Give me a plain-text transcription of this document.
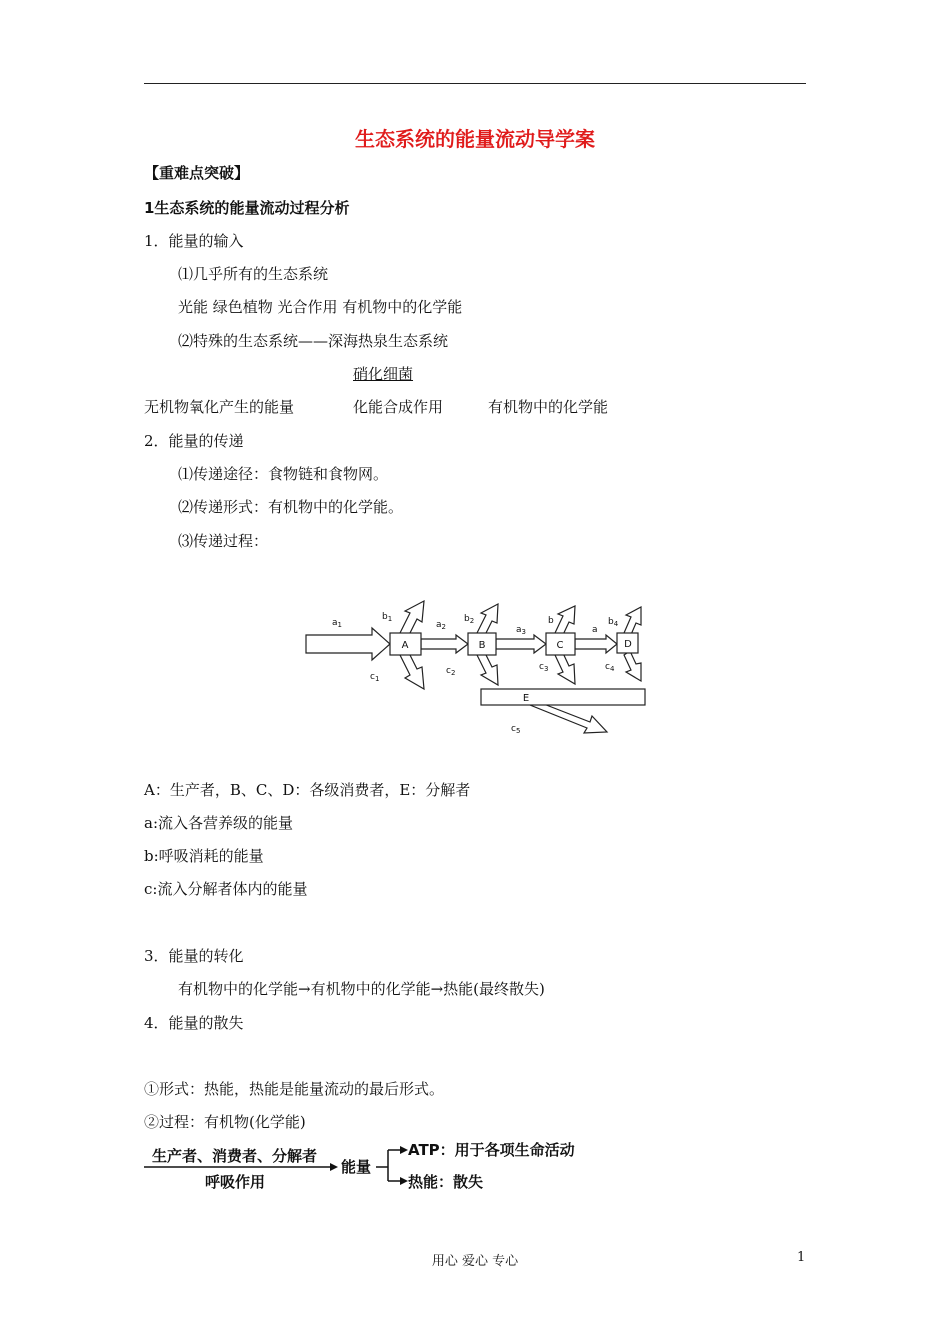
生态系统的能量流动导学案
【重难点突破】
1生态系统的能量流动过程分析
1．能量的输入
⑴几乎所有的生态系统
光能 绿色植物 光合作用 有机物中的化学能
⑵特殊的生态系统——深海热泉生态系统
硝化细菌
无机物氧化产生的能量	化能合成作用	有机物中的化学能
2．能量的传递
⑴传递途径：食物链和食物网。
⑵传递形式：有机物中的化学能。
⑶传递过程：
A	B	C	D
E
$a_1$
$b_1$
$c_1$
$a_2$
$b_2$
$c_2$
$a_3$
b
$c_3$
a
$b_4$
$c_4$
$c_5$
A：生产者，B、C、D：各级消费者，E：分解者
a:流入各营养级的能量
b:呼吸消耗的能量
c:流入分解者体内的能量
3．能量的转化
有机物中的化学能→有机物中的化学能→热能(最终散失)
4．能量的散失
①形式：热能，热能是能量流动的最后形式。
②过程：有机物(化学能)
生产者、消费者、分解者
呼吸作用
能量
ATP：用于各项生命活动
热能：散失
用心 爱心 专心	1
